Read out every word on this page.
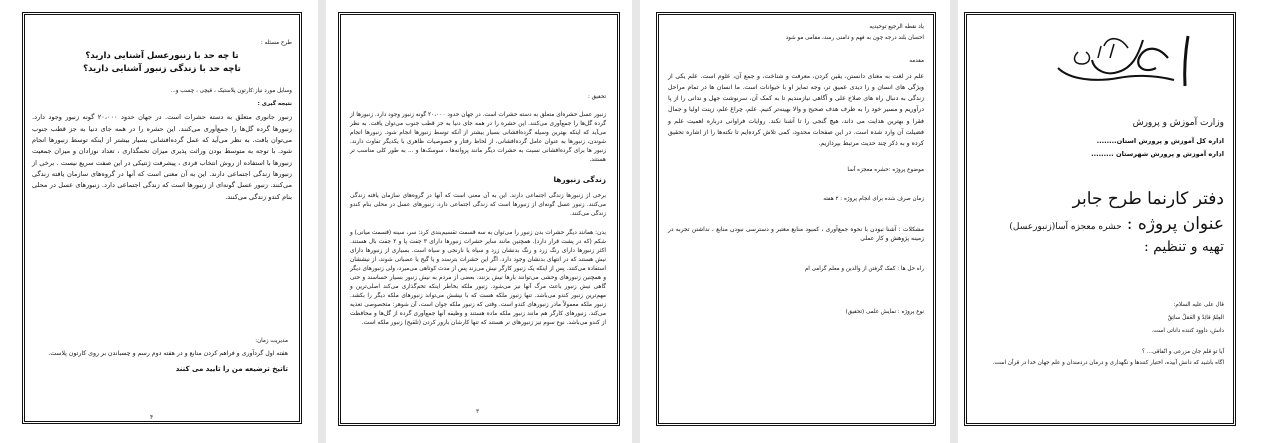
طرح مسئله :
تا چه حد با زنبورعسل آشنایی دارید؟
تاچه حد با زندگی زنبور آشنایی دارید؟
وسایل مورد نیاز:کارتون پلاستیک ، قیچی ، چسب و...
نتیجه گیری :
زنبور جانوری متعلق به دسته حشرات است. در جهان حدود ۲۰،۰۰۰ گونه زنبور وجود دارد. زنبورها گرده گل‌ها را جمع‌آوری می‌کنند. این حشره را در همه جای دنیا به جز قطب جنوب می‌توان یافت. به نظر می‌آید که عمل گرده‌افشانی بسیار بیشتر از اینکه توسط زنبورها انجام شود. با توجه به متوسط بودن وراثت پذیری میزان تخمگذاری ، تعداد نوزادان و میزان جمعیت زنبورها با استفاده از روش انتخاب فردی ، پیشرفت ژنتیکی در این صفت سریع نیست . برخی از زنبورها زندگی اجتماعی دارند. این به آن معنی است که آنها در گروه‌های سازمان یافته زندگی می‌کنند. زنبور عسل گونه‌ای از زنبورها است که زندگی اجتماعی دارد. زنبورهای عسل در محلی بنام کندو زندگی می‌کنند.
مدیریت زمان:
هفته اول گردآوری و فراهم کردن منابع و در هفته دوم رسم و چسباندن بر روی کارتون پلاست.
تاتیخ ترضیعه من را تایید می کنند
۴
تحقیق :
زنبور عسل حشره‌ای متعلق به دسته حشرات است. در جهان حدود ۲۰،۰۰۰ گونه زنبور وجود دارد. زنبورها از گرده گل‌ها را جمع‌آوری می‌کنند. این حشره را در همه جای دنیا به جز قطب جنوب می‌توان یافت. به نظر می‌آید که اینکه بهترین وسیله گرده‌افشانی بسیار بیشتر از آنکه توسط زنبورها انجام شود. زنبورها انجام شوندن، زنبورها به عنوان عامل گرده‌افشانی، از لحاظ رفتار و خصوصیات ظاهری با یکدیگر تفاوت دارند. زنبور ها برای گرده‌افشانی نسبت به حشرات دیگر مانند پروانه‌ها ، سوسک‌ها و ... به طور کلی مناسب تر هستند.
زندگی زنبورها
برخی از زنبورها زندگی اجتماعی دارند. این به آن معنی است که آنها در گروه‌های سازمان یافته زندگی می‌کنند. زنبور عسل گونه‌ای از زنبورها است که زندگی اجتماعی دارد. زنبورهای عسل در محلی بنام کندو زندگی می‌کنند.
بدن: همانند دیگر حشرات بدن زنبور را می‌توان به سه قسمت تقسیم‌بندی کرد: سر، سینه (قسمت میانی) و شکم (که در پشت قرار دارد). همچنین مانند سایر حشرات زنبورها دارای ۳ جفت پا و ۲ جفت بال هستند. اکثر زنبورها دارای رنگ زرد و رنگ بدنشان زرد و سیاه یا نارنجی و سیاه است. بسیاری از زنبورها دارای نیش هستند که در انتهای بدنشان وجود دارد. اگر این حشرات بترسند و یا گیج یا عصبانی شوند، از نیششان استفاده می‌کنند. پس از اینکه یک زنبور کارگر نیش می‌زند پس از مدت کوتاهی می‌میرد، ولی زنبورهای دیگر و همچنین زنبورهای وحشی می‌توانند بارها نیش بزنند. بعضی از مردم به نیش زنبور بسیار حساسند و حتی گاهی نیش زنبور باعث مرگ آنها نیز می‌شود. زنبور ملکه بخاطر اینکه تخم‌گذاری می‌کند اصلی‌ترین و مهم‌ترین زنبور کندو می‌باشد. تنها زنبور ملکه هست که با نیشش می‌تواند زنبورهای ملکه دیگر را بکشد. زنبور ملکه معمولاً مادر زنبورهای کندو است. وقتی که زنبور ملکه جوان است، آن شوهر: متخصوصی تغذیه می‌کند. زنبورهای کارگر هم مانند زنبور ملکه ماده هستند و وظیفه آنها جمع‌آوری گرده از گل‌ها و محافظت از کندو می‌باشد. نوع سوم نیز زنبورهای نر هستند که تنها کارشان بارور کردن (تلقیح) زنبور ملکه است.
۳
یاد نقطه الرجیع توحیدیه
احسان بلند درجه چون به فهم و دامنی رسد، مقامی مو شود
مقدمه
علم در لغت به معنای دانستن، یقین کردن، معرفت و شناخت، و جمع آن، علوم است. علم یکی از ویژگی های انسان و را دیدی عمیق تر، وجه تمایز او با حیوانات است. ما انسان ها در تمام مراحل زندگی به دنبال راه های صلاح علی و آگاهی نیازمندیم تا به کمک آن، سرنوشت جهل و ندانی را از پا درآوریم و مسیر خود را به طرف هدف صحیح و والا بهینه‌تر کنیم. علم، چراغ علم، زینت اولیا و جمال فقرا و بهترین هدایت می داند، هیچ گنجی را تا آشنا نکند. روایات فراوانی درباره اهمیت علم و فضیلت آن وارد شده است. در این صفحات محدود، کمی تلاش کرده‌ایم تا نکته‌ها را از اشاره تحقیق کرده و به ذکر چند حدیث مرتبط بپردازیم.
موضوع پروژه :حشره معجزه آسا
زمان صرف شده برای انجام پروژه : ۲ هفته
مشکلات : آشنا نبودن با نحوه جمع‌آوری ، کمبود منابع معتبر و دسترسی نبودن منابع ، نداشتن تجربه در زمینه پژوهش و کار عملی
راه حل ها : کمک گرفتن از والدین و معلم گرامی ام
نوع پروژه : نمایش علمی (تحقیق)
وزارت آموزش و پرورش
اداره کل آموزش و پرورش استان........
اداره آموزش و پرورش شهرستان .........
دفتر کارنما طرح جابر
عنوان پروژه : حشره معجزه آسا(زنبورعسل)
تهیه و تنظیم :
قال علی علیه السلام:
العِلمُ قائِدٌ وَ العَمَلُ سائِقٌ
دانش، داوود کننده داناتی است.
آیا تو قلم جان مزرعی و انّفاقی... ؟
اگاه باشید که دانش آبیده، اختیار کنندها و نگهداری و درمان دردمندان و علم جهان خدا در قرآن است.
